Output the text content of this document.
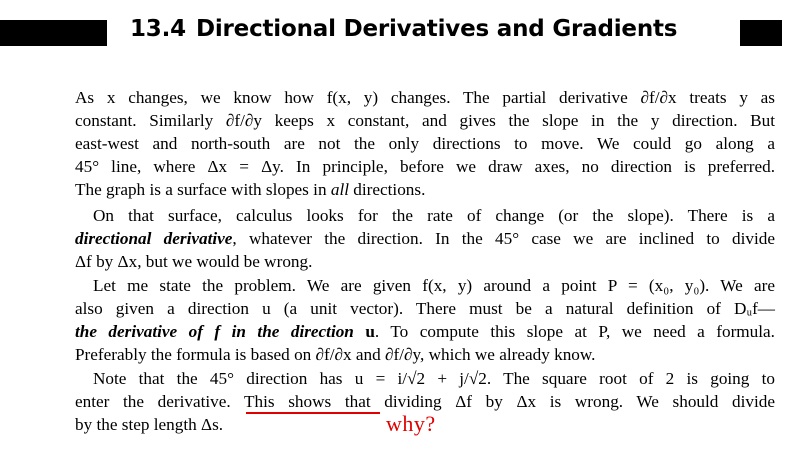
13.4 Directional Derivatives and Gradients
As x changes, we know how f(x, y) changes. The partial derivative ∂f/∂x treats y as
constant. Similarly ∂f/∂y keeps x constant, and gives the slope in the y direction. But
east-west and north-south are not the only directions to move. We could go along a
45° line, where Δx = Δy. In principle, before we draw axes, no direction is preferred.
The graph is a surface with slopes in all directions.
On that surface, calculus looks for the rate of change (or the slope). There is a
directional derivative, whatever the direction. In the 45° case we are inclined to divide
Δf by Δx, but we would be wrong.
Let me state the problem. We are given f(x, y) around a point P = (x₀, y₀). We are
also given a direction u (a unit vector). There must be a natural definition of Dᵤf—
the derivative of f in the direction u. To compute this slope at P, we need a formula.
Preferably the formula is based on ∂f/∂x and ∂f/∂y, which we already know.
Note that the 45° direction has u = i/√2 + j/√2. The square root of 2 is going to
enter the derivative. This shows that dividing Δf by Δx is wrong. We should divide
by the step length Δs.	why?
